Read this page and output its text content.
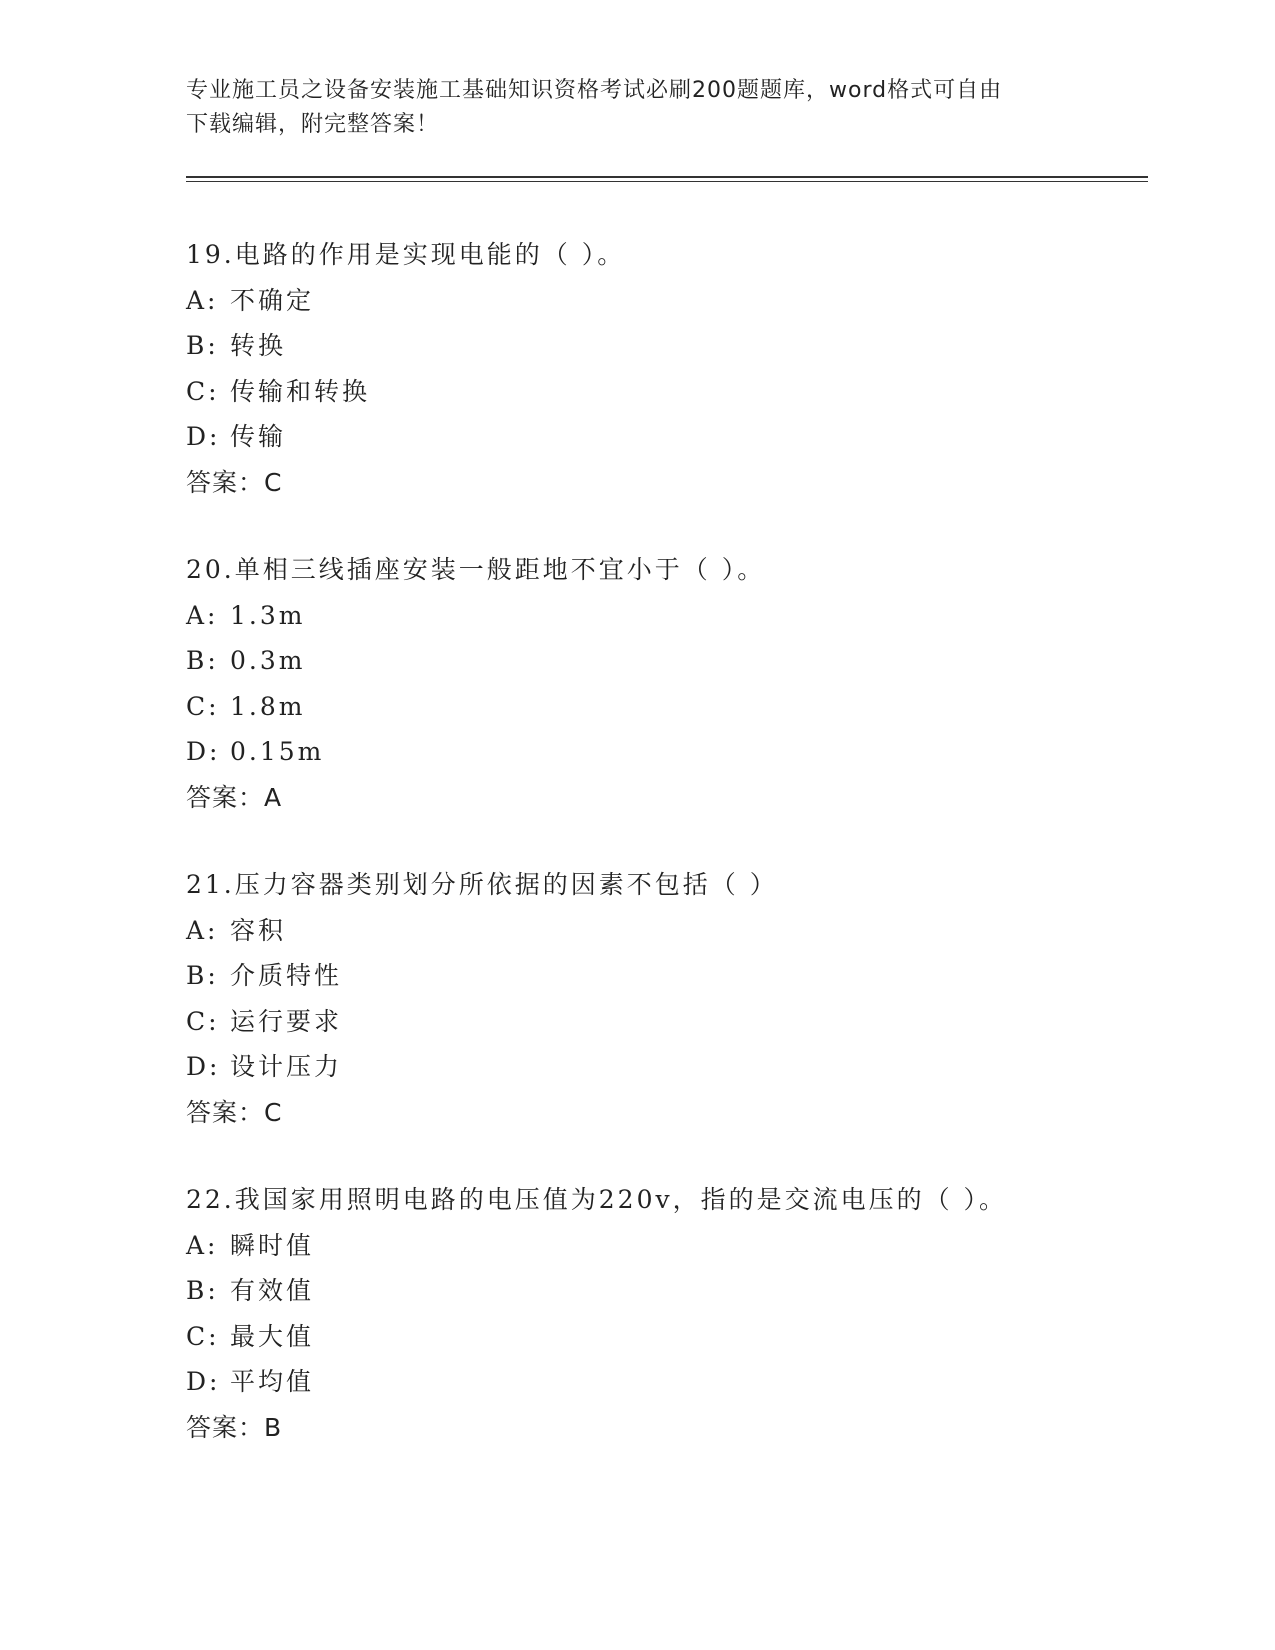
专业施工员之设备安装施工基础知识资格考试必刷200题题库，word格式可自由
下载编辑，附完整答案！
19.电路的作用是实现电能的（ ）。
A: 不确定
B: 转换
C: 传输和转换
D: 传输
答案：C
20.单相三线插座安装一般距地不宜小于（ ）。
A: 1.3m
B: 0.3m
C: 1.8m
D: 0.15m
答案：A
21.压力容器类别划分所依据的因素不包括（ ）
A: 容积
B: 介质特性
C: 运行要求
D: 设计压力
答案：C
22.我国家用照明电路的电压值为220v，指的是交流电压的（ ）。
A: 瞬时值
B: 有效值
C: 最大值
D: 平均值
答案：B
